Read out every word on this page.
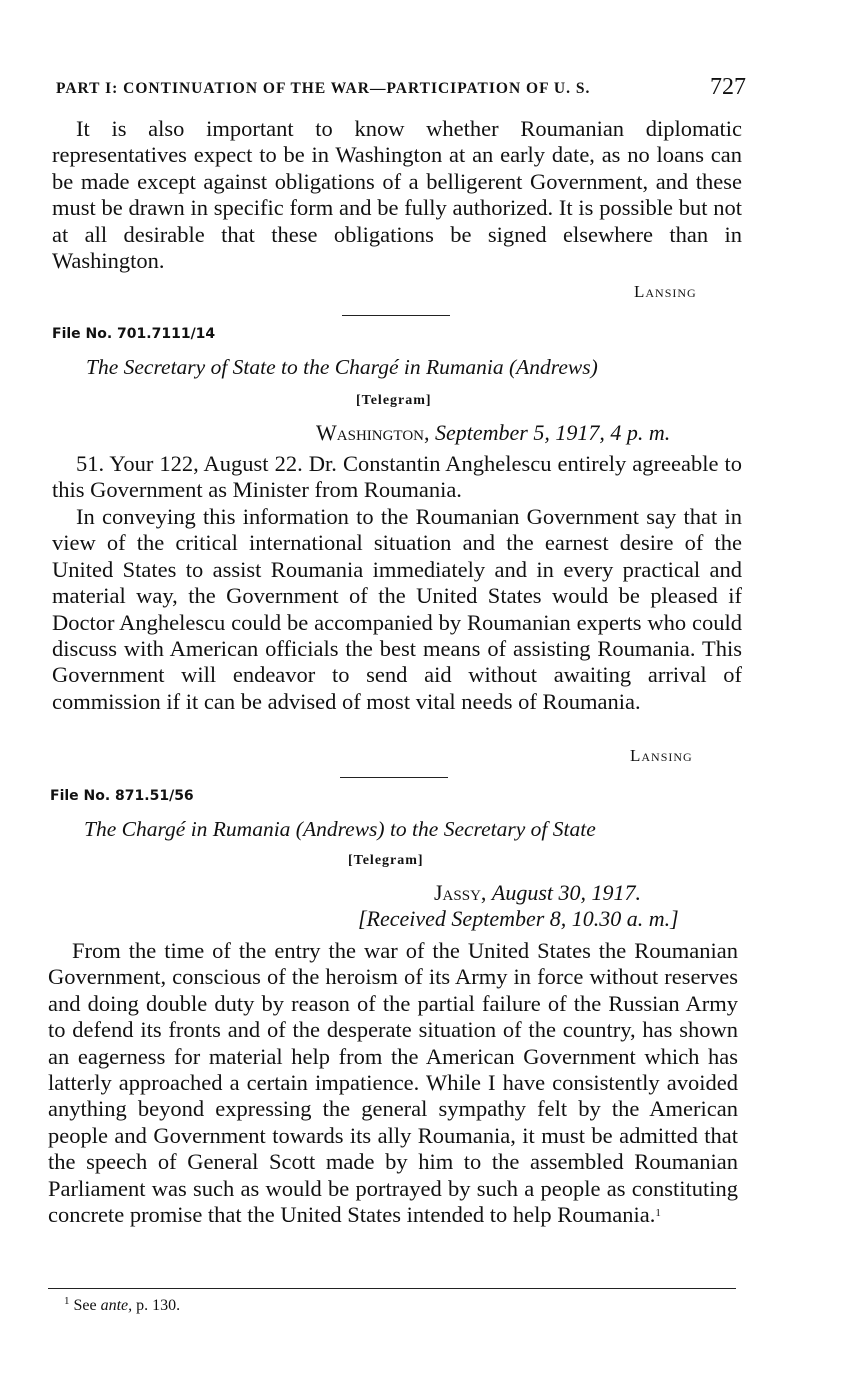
PART I: CONTINUATION OF THE WAR—PARTICIPATION OF U. S.	727

It is also important to know whether Roumanian diplomatic representatives expect to be in Washington at an early date, as no loans can be made except against obligations of a belligerent Government, and these must be drawn in specific form and be fully authorized. It is possible but not at all desirable that these obligations be signed elsewhere than in Washington.

Lansing
File No. 701.7111/14
The Secretary of State to the Chargé in Rumania (Andrews)
[Telegram]
Washington, September 5, 1917, 4 p. m.

51. Your 122, August 22. Dr. Constantin Anghelescu entirely agreeable to this Government as Minister from Roumania.

In conveying this information to the Roumanian Government say that in view of the critical international situation and the earnest desire of the United States to assist Roumania immediately and in every practical and material way, the Government of the United States would be pleased if Doctor Anghelescu could be accompanied by Roumanian experts who could discuss with American officials the best means of assisting Roumania. This Government will endeavor to send aid without awaiting arrival of commission if it can be advised of most vital needs of Roumania.

Lansing
File No. 871.51/56
The Chargé in Rumania (Andrews) to the Secretary of State
[Telegram]
Jassy, August 30, 1917.
[Received September 8, 10.30 a. m.]

From the time of the entry the war of the United States the Roumanian Government, conscious of the heroism of its Army in force without reserves and doing double duty by reason of the partial failure of the Russian Army to defend its fronts and of the desperate situation of the country, has shown an eagerness for material help from the American Government which has latterly approached a certain impatience. While I have consistently avoided anything beyond expressing the general sympathy felt by the American people and Government towards its ally Roumania, it must be admitted that the speech of General Scott made by him to the assembled Roumanian Parliament was such as would be portrayed by such a people as constituting concrete promise that the United States intended to help Roumania.$^1$

$^1$ See ante, p. 130.
